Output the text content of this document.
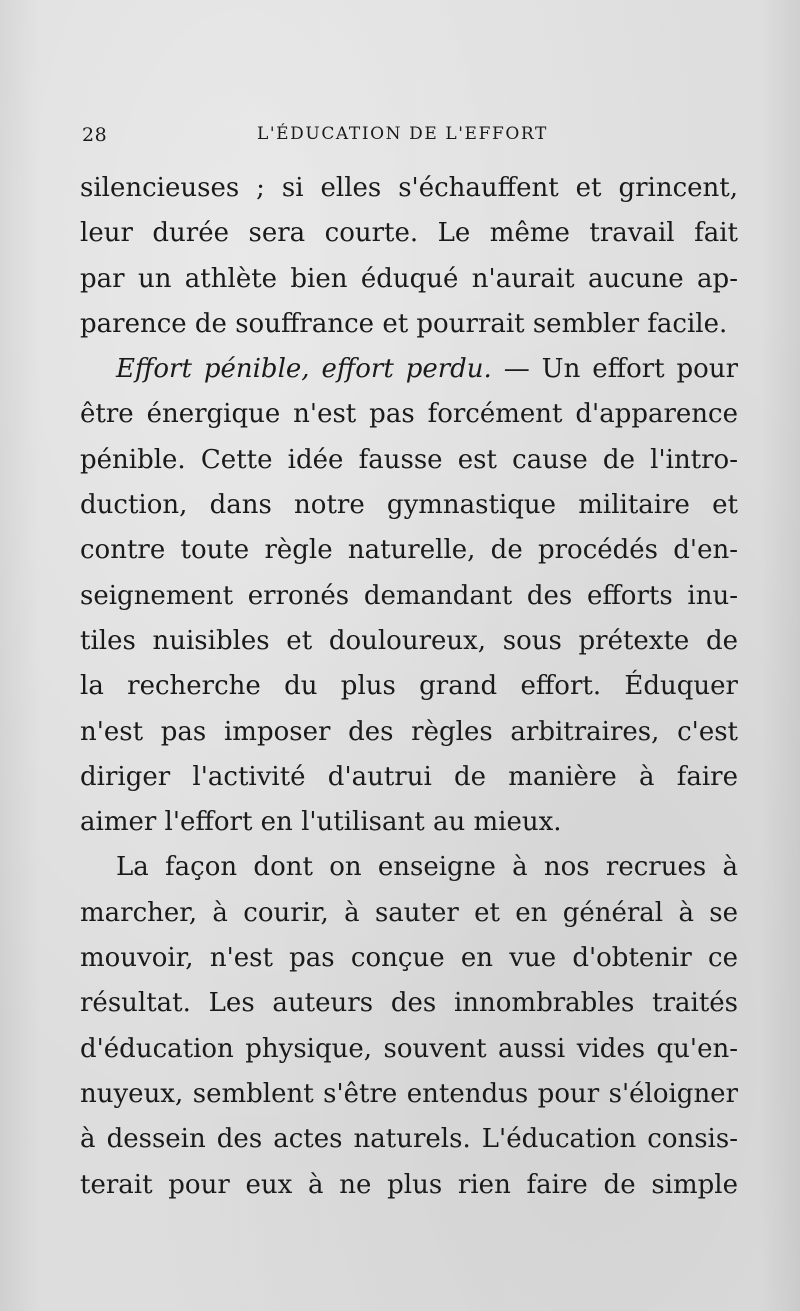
28	L'ÉDUCATION DE L'EFFORT
silencieuses ; si elles s'échauffent et grincent,
leur durée sera courte. Le même travail fait
par un athlète bien éduqué n'aurait aucune ap-
parence de souffrance et pourrait sembler facile.
Effort pénible, effort perdu. — Un effort pour
être énergique n'est pas forcément d'apparence
pénible. Cette idée fausse est cause de l'intro-
duction, dans notre gymnastique militaire et
contre toute règle naturelle, de procédés d'en-
seignement erronés demandant des efforts inu-
tiles nuisibles et douloureux, sous prétexte de
la recherche du plus grand effort. Éduquer
n'est pas imposer des règles arbitraires, c'est
diriger l'activité d'autrui de manière à faire
aimer l'effort en l'utilisant au mieux.
La façon dont on enseigne à nos recrues à
marcher, à courir, à sauter et en général à se
mouvoir, n'est pas conçue en vue d'obtenir ce
résultat. Les auteurs des innombrables traités
d'éducation physique, souvent aussi vides qu'en-
nuyeux, semblent s'être entendus pour s'éloigner
à dessein des actes naturels. L'éducation consis-
terait pour eux à ne plus rien faire de simple
